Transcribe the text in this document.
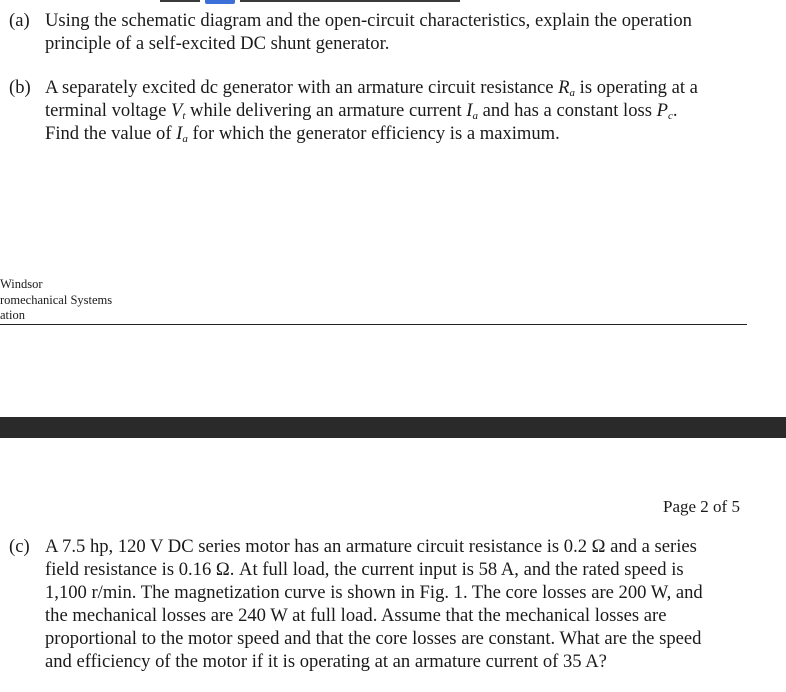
(a) Using the schematic diagram and the open-circuit characteristics, explain the operation
principle of a self-excited DC shunt generator.
(b) A separately excited dc generator with an armature circuit resistance $R_a$ is operating at a
terminal voltage $V_t$ while delivering an armature current $I_a$ and has a constant loss $P_c$.
Find the value of $I_a$ for which the generator efficiency is a maximum.
Windsor
romechanical Systems
ation
Page 2 of 5
(c) A 7.5 hp, 120 V DC series motor has an armature circuit resistance is 0.2 Ω and a series
field resistance is 0.16 Ω. At full load, the current input is 58 A, and the rated speed is
1,100 r/min. The magnetization curve is shown in Fig. 1. The core losses are 200 W, and
the mechanical losses are 240 W at full load. Assume that the mechanical losses are
proportional to the motor speed and that the core losses are constant. What are the speed
and efficiency of the motor if it is operating at an armature current of 35 A?
